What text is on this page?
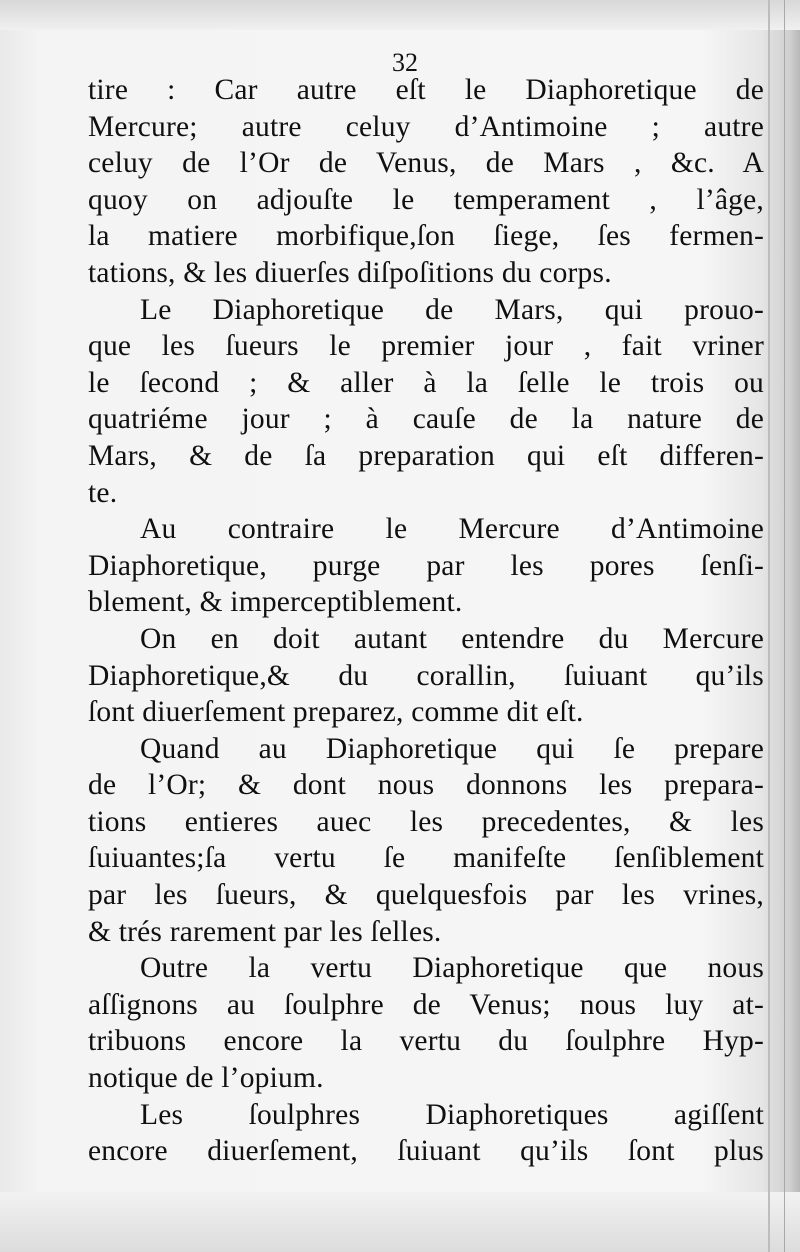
32
tire : Car autre eſt le Diaphoretique de
Mercure; autre celuy d’Antimoine ; autre
celuy de l’Or de Venus, de Mars , &c. A
quoy on adjouſte le temperament , l’âge,
la matiere morbifique,ſon ſiege, ſes fermen-
tations, & les diuerſes diſpoſitions du corps.
Le Diaphoretique de Mars, qui prouo-
que les ſueurs le premier jour , fait vriner
le ſecond ; & aller à la ſelle le trois ou
quatriéme jour ; à cauſe de la nature de
Mars, & de ſa preparation qui eſt differen-
te.
Au contraire le Mercure d’Antimoine
Diaphoretique, purge par les pores ſenſi-
blement, & imperceptiblement.
On en doit autant entendre du Mercure
Diaphoretique,& du corallin, ſuiuant qu’ils
ſont diuerſement preparez, comme dit eſt.
Quand au Diaphoretique qui ſe prepare
de l’Or; & dont nous donnons les prepara-
tions entieres auec les precedentes, & les
ſuiuantes;ſa vertu ſe manifeſte ſenſiblement
par les ſueurs, & quelquesfois par les vrines,
& trés rarement par les ſelles.
Outre la vertu Diaphoretique que nous
aſſignons au ſoulphre de Venus; nous luy at-
tribuons encore la vertu du ſoulphre Hyp-
notique de l’opium.
Les ſoulphres Diaphoretiques agiſſent
encore diuerſement, ſuiuant qu’ils ſont plus
